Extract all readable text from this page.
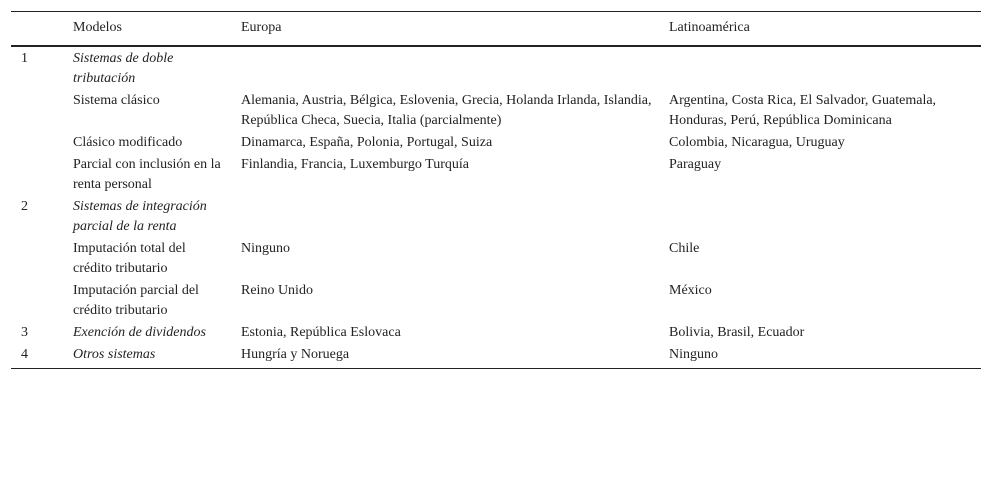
	Modelos	Europa	Latinoamérica
1	Sistemas de doble tributación		
	Sistema clásico	Alemania, Austria, Bélgica, Eslovenia, Grecia, Holanda Irlanda, Islandia, República Checa, Suecia, Italia (parcialmente)	Argentina, Costa Rica, El Salvador, Guatemala, Honduras, Perú, República Dominicana
	Clásico modificado	Dinamarca, España, Polonia, Portugal, Suiza	Colombia, Nicaragua, Uruguay
	Parcial con inclusión en la renta personal	Finlandia, Francia, Luxemburgo Turquía	Paraguay
2	Sistemas de integración parcial de la renta		
	Imputación total del crédito tributario	Ninguno	Chile
	Imputación parcial del crédito tributario	Reino Unido	México
3	Exención de dividendos	Estonia, República Eslovaca	Bolivia, Brasil, Ecuador
4	Otros sistemas	Hungría y Noruega	Ninguno
